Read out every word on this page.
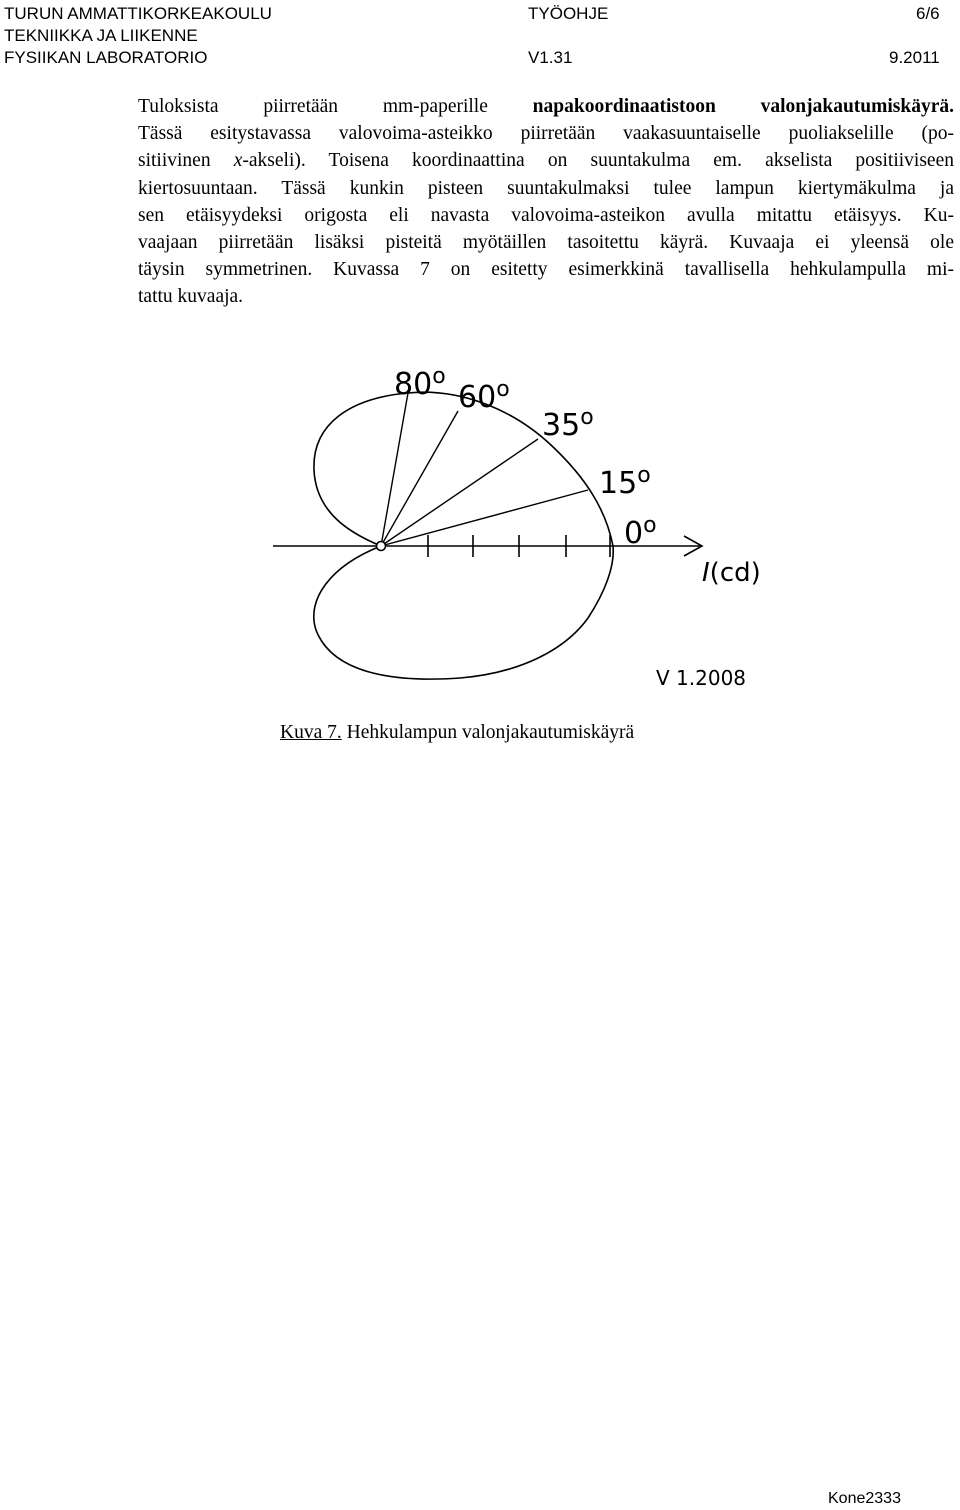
TURUN AMMATTIKORKEAKOULU
TEKNIIKKA JA LIIKENNE
FYSIIKAN LABORATORIO
TYÖOHJE	6/6
V1.31	9.2011
Tuloksista piirretään mm-paperille napakoordinaatistoon valonjakautumiskäyrä.
Tässä esitystavassa valovoima-asteikko piirretään vaakasuuntaiselle puoliakselille (po-
sitiivinen x-akseli). Toisena koordinaattina on suuntakulma em. akselista positiiviseen
kiertosuuntaan. Tässä kunkin pisteen suuntakulmaksi tulee lampun kiertymäkulma ja
sen etäisyydeksi origosta eli navasta valovoima-asteikon avulla mitattu etäisyys. Ku-
vaajaan piirretään lisäksi pisteitä myötäillen tasoitettu käyrä. Kuvaaja ei yleensä ole
täysin symmetrinen. Kuvassa 7 on esitetty esimerkkinä tavallisella hehkulampulla mi-
tattu kuvaaja.
80$^o$
60$^o$
35$^o$
15$^o$
0$^o$
I(cd)
V 1.2008
Kuva 7. Hehkulampun valonjakautumiskäyrä
Kone2333
